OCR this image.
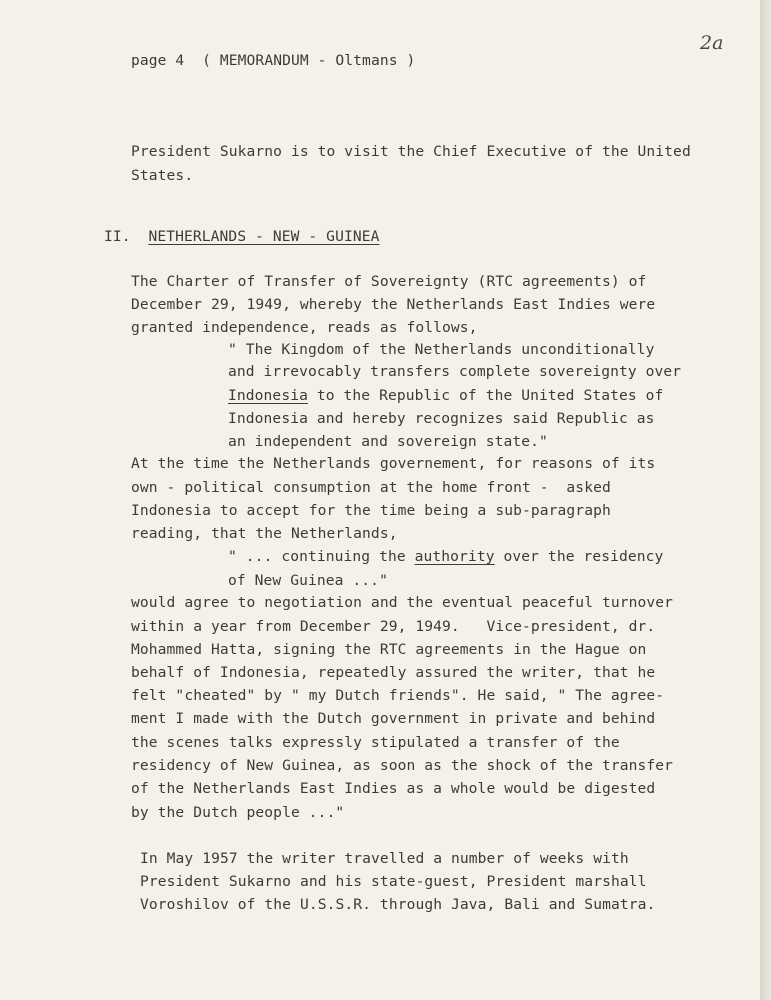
page 4 ( MEMORANDUM - Oltmans )

2a

President Sukarno is to visit the Chief Executive of the United

States.

II. NETHERLANDS - NEW - GUINEA

The Charter of Transfer of Sovereignty (RTC agreements) of

December 29, 1949, whereby the Netherlands East Indies were

granted independence, reads as follows,

" The Kingdom of the Netherlands unconditionally

and irrevocably transfers complete sovereignty over

Indonesia to the Republic of the United States of

Indonesia and hereby recognizes said Republic as

an independent and sovereign state."

At the time the Netherlands governement, for reasons of its

own - political consumption at the home front -  asked

Indonesia to accept for the time being a sub-paragraph

reading, that the Netherlands,

" ... continuing the authority over the residency

of New Guinea ..."

would agree to negotiation and the eventual peaceful turnover

within a year from December 29, 1949.   Vice-president, dr.

Mohammed Hatta, signing the RTC agreements in the Hague on

behalf of Indonesia, repeatedly assured the writer, that he

felt "cheated" by " my Dutch friends". He said, " The agree-

ment I made with the Dutch government in private and behind

the scenes talks expressly stipulated a transfer of the

residency of New Guinea, as soon as the shock of the transfer

of the Netherlands East Indies as a whole would be digested

by the Dutch people ..."

In May 1957 the writer travelled a number of weeks with

President Sukarno and his state-guest, President marshall

Voroshilov of the U.S.S.R. through Java, Bali and Sumatra.
